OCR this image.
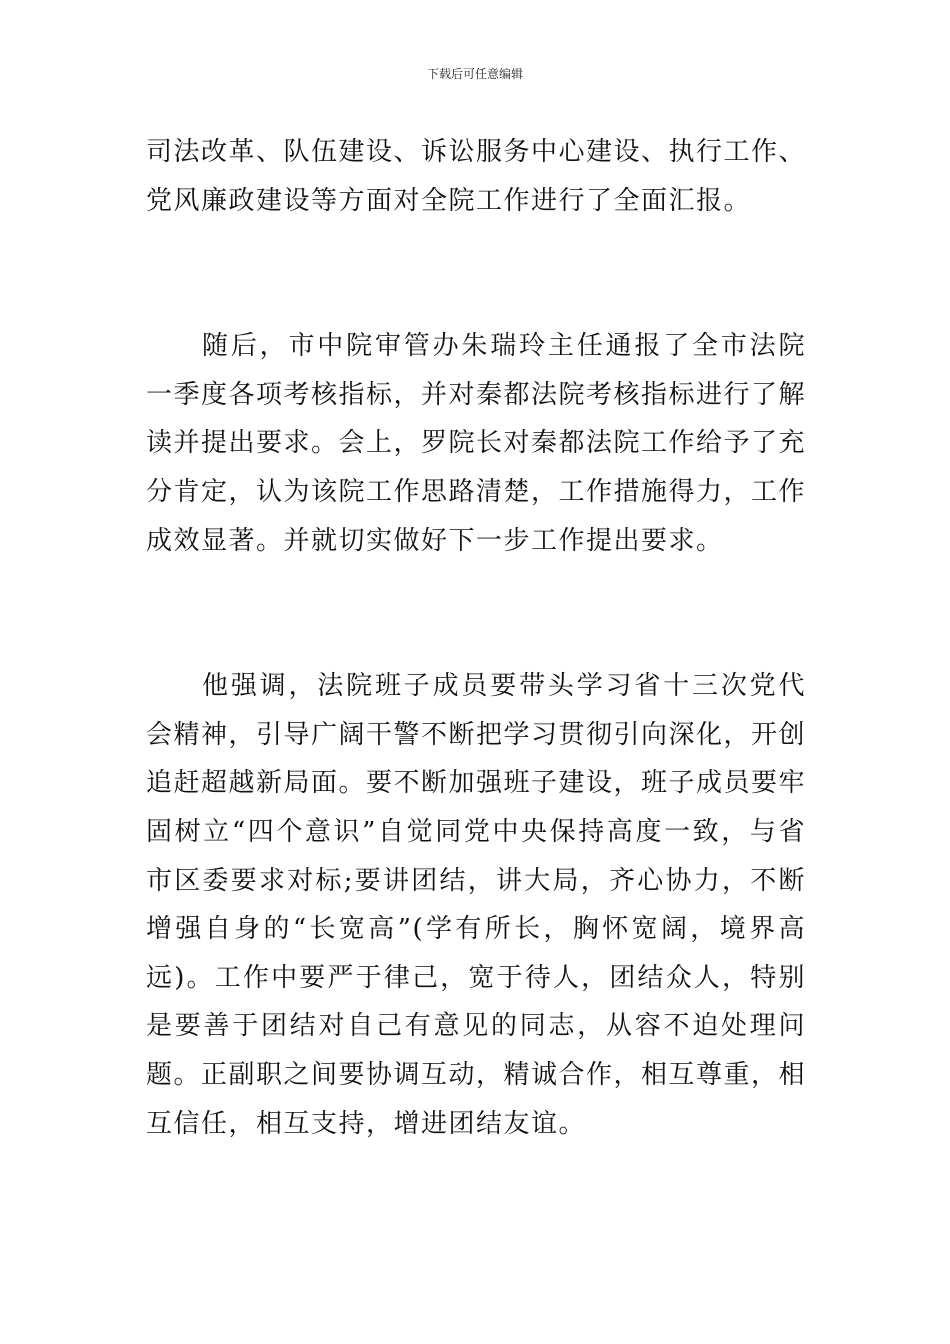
下载后可任意编辑

司法改革、队伍建设、诉讼服务中心建设、执行工作、党风廉政建设等方面对全院工作进行了全面汇报。

随后，市中院审管办朱瑞玲主任通报了全市法院一季度各项考核指标，并对秦都法院考核指标进行了解读并提出要求。会上，罗院长对秦都法院工作给予了充分肯定，认为该院工作思路清楚，工作措施得力，工作成效显著。并就切实做好下一步工作提出要求。

他强调，法院班子成员要带头学习省十三次党代会精神，引导广阔干警不断把学习贯彻引向深化，开创追赶超越新局面。要不断加强班子建设，班子成员要牢固树立“四个意识”自觉同党中央保持高度一致，与省市区委要求对标;要讲团结，讲大局，齐心协力，不断增强自身的“长宽高”(学有所长，胸怀宽阔，境界高远)。工作中要严于律己，宽于待人，团结众人，特别是要善于团结对自己有意见的同志，从容不迫处理问题。正副职之间要协调互动，精诚合作，相互尊重，相互信任，相互支持，增进团结友谊。
